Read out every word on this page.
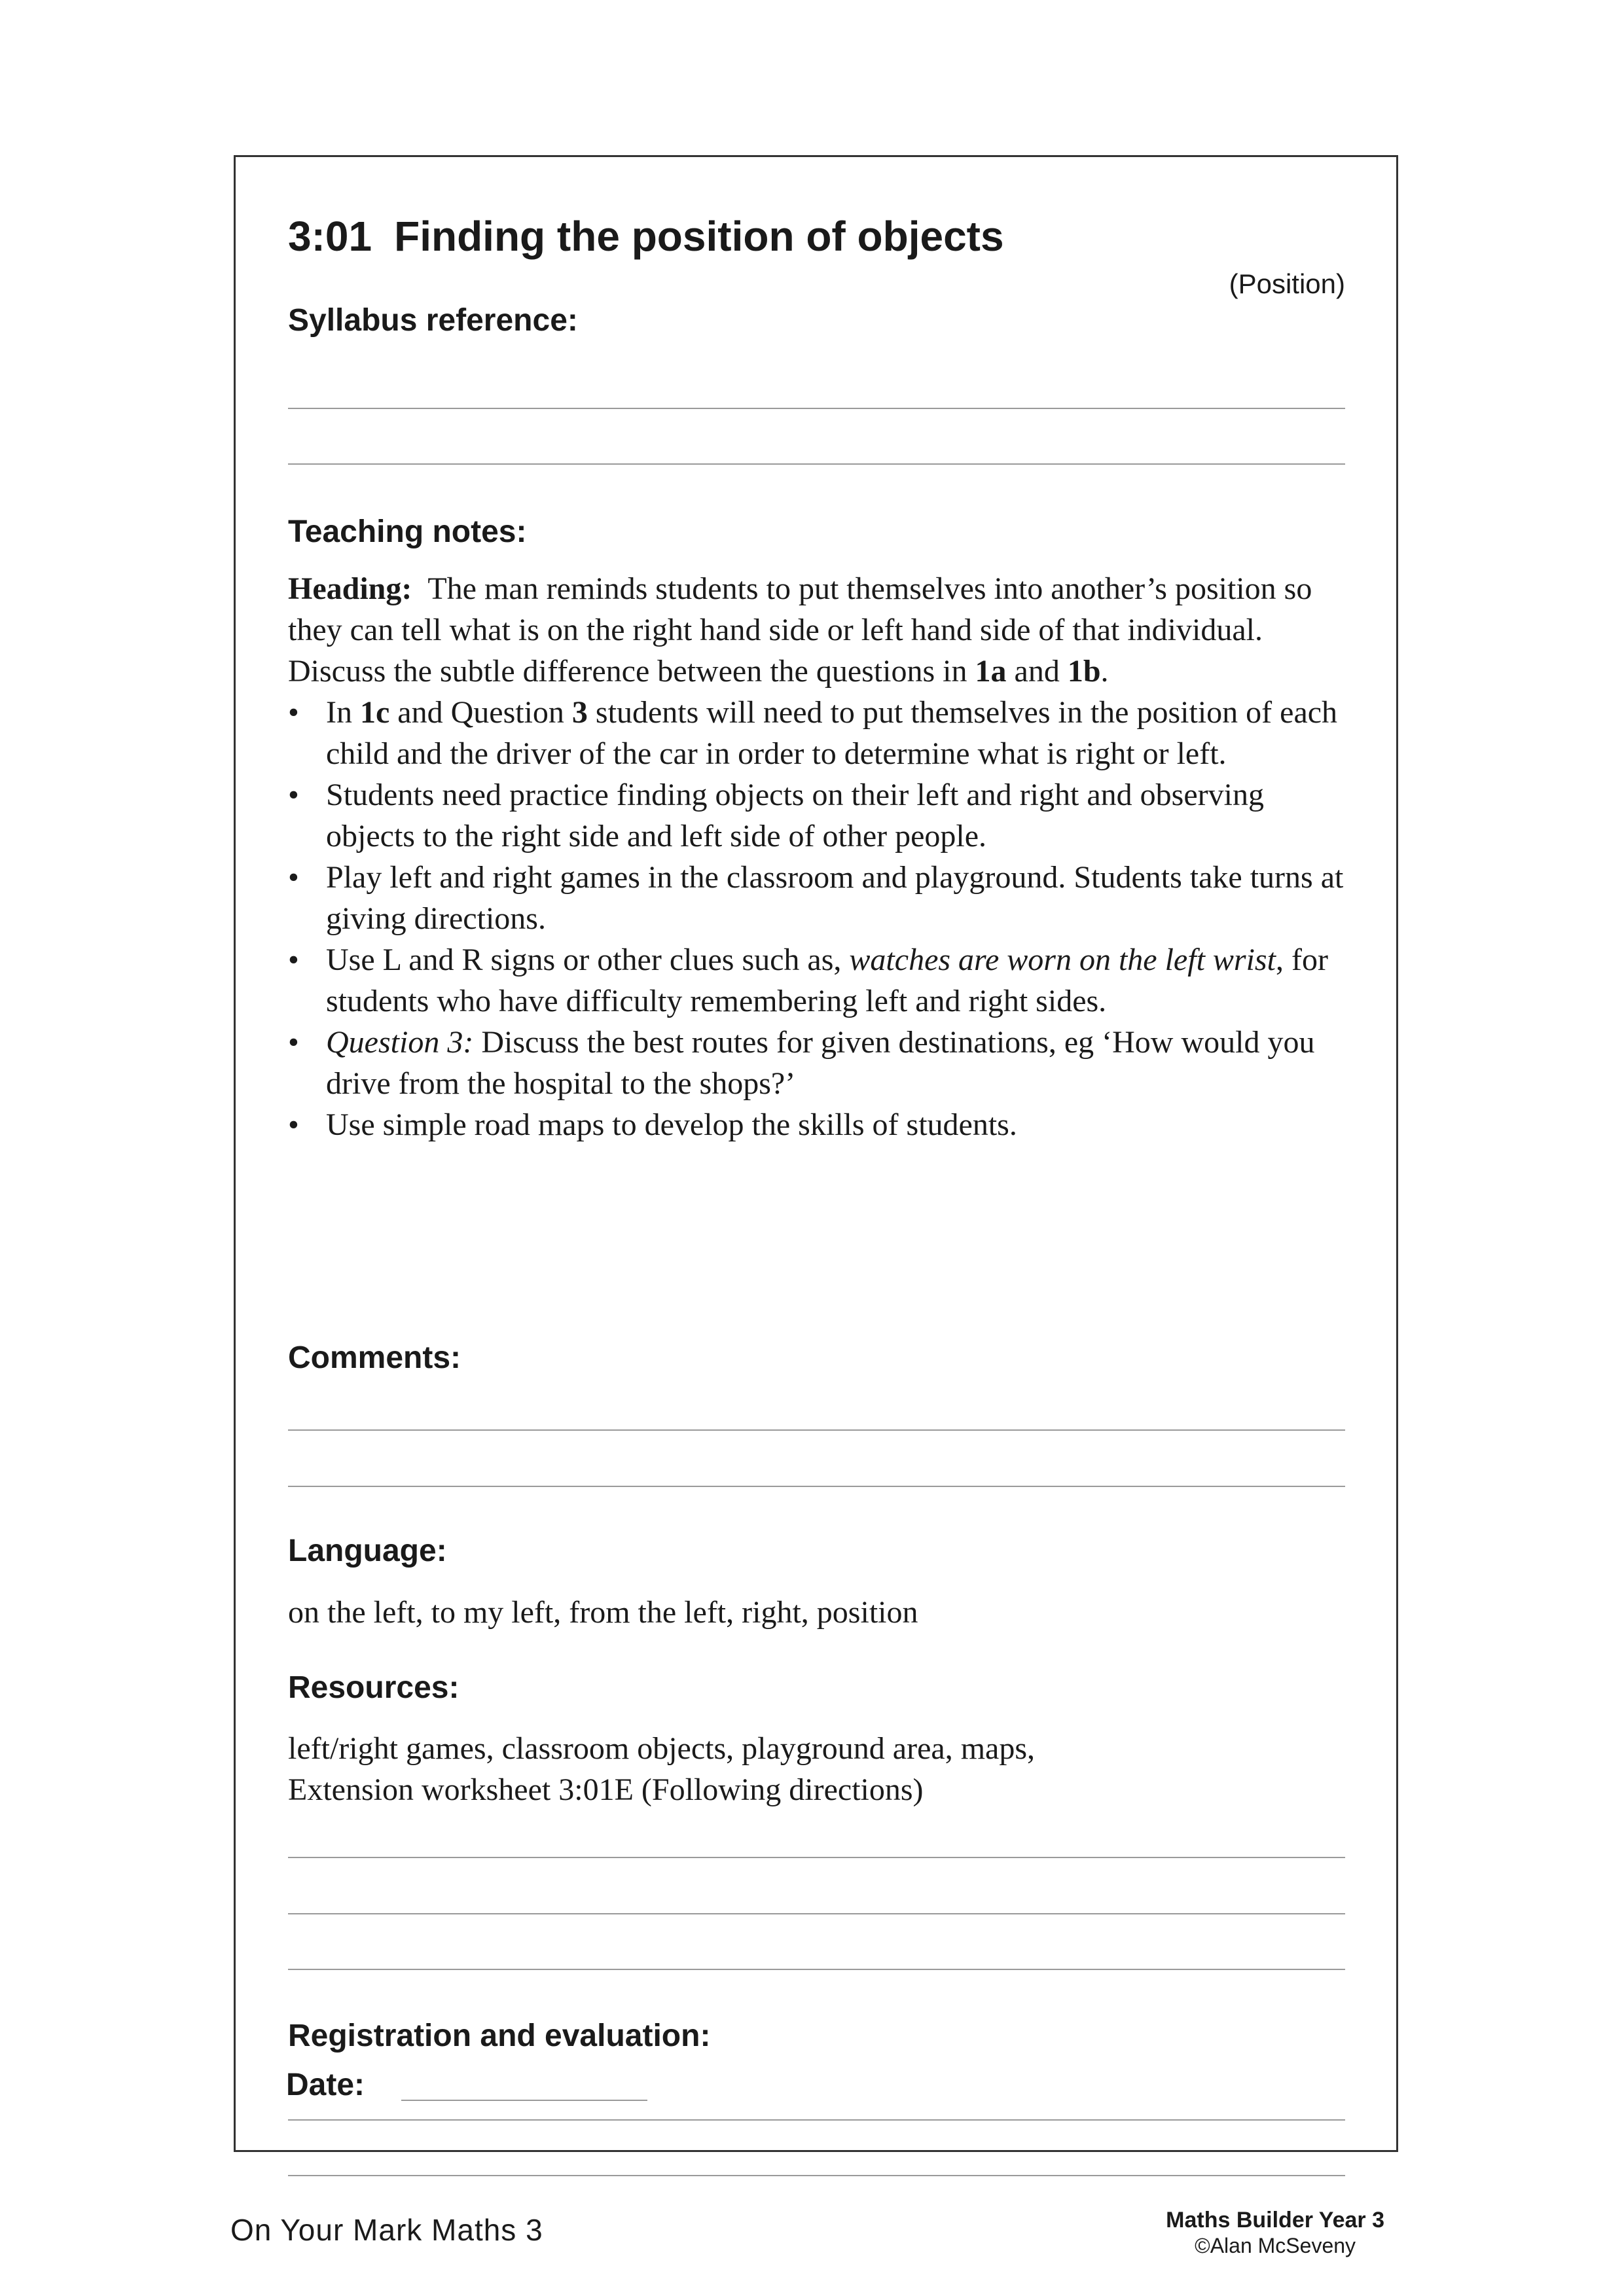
3:01 Finding the position of objects
(Position)
Syllabus reference:
Teaching notes:

Heading: The man reminds students to put themselves into another’s position so they can tell what is on the right hand side or left hand side of that individual. Discuss the subtle difference between the questions in 1a and 1b.

• In 1c and Question 3 students will need to put themselves in the position of each child and the driver of the car in order to determine what is right or left.
• Students need practice finding objects on their left and right and observing objects to the right side and left side of other people.
• Play left and right games in the classroom and playground. Students take turns at giving directions.
• Use L and R signs or other clues such as, watches are worn on the left wrist, for students who have difficulty remembering left and right sides.
• Question 3: Discuss the best routes for given destinations, eg ‘How would you drive from the hospital to the shops?’
• Use simple road maps to develop the skills of students.
Comments:
Language:
on the left, to my left, from the left, right, position
Resources:

left/right games, classroom objects, playground area, maps,

Extension worksheet 3:01E (Following directions)

Registration and evaluation:
Date:
On Your Mark Maths 3	Maths Builder Year 3
©Alan McSeveny
